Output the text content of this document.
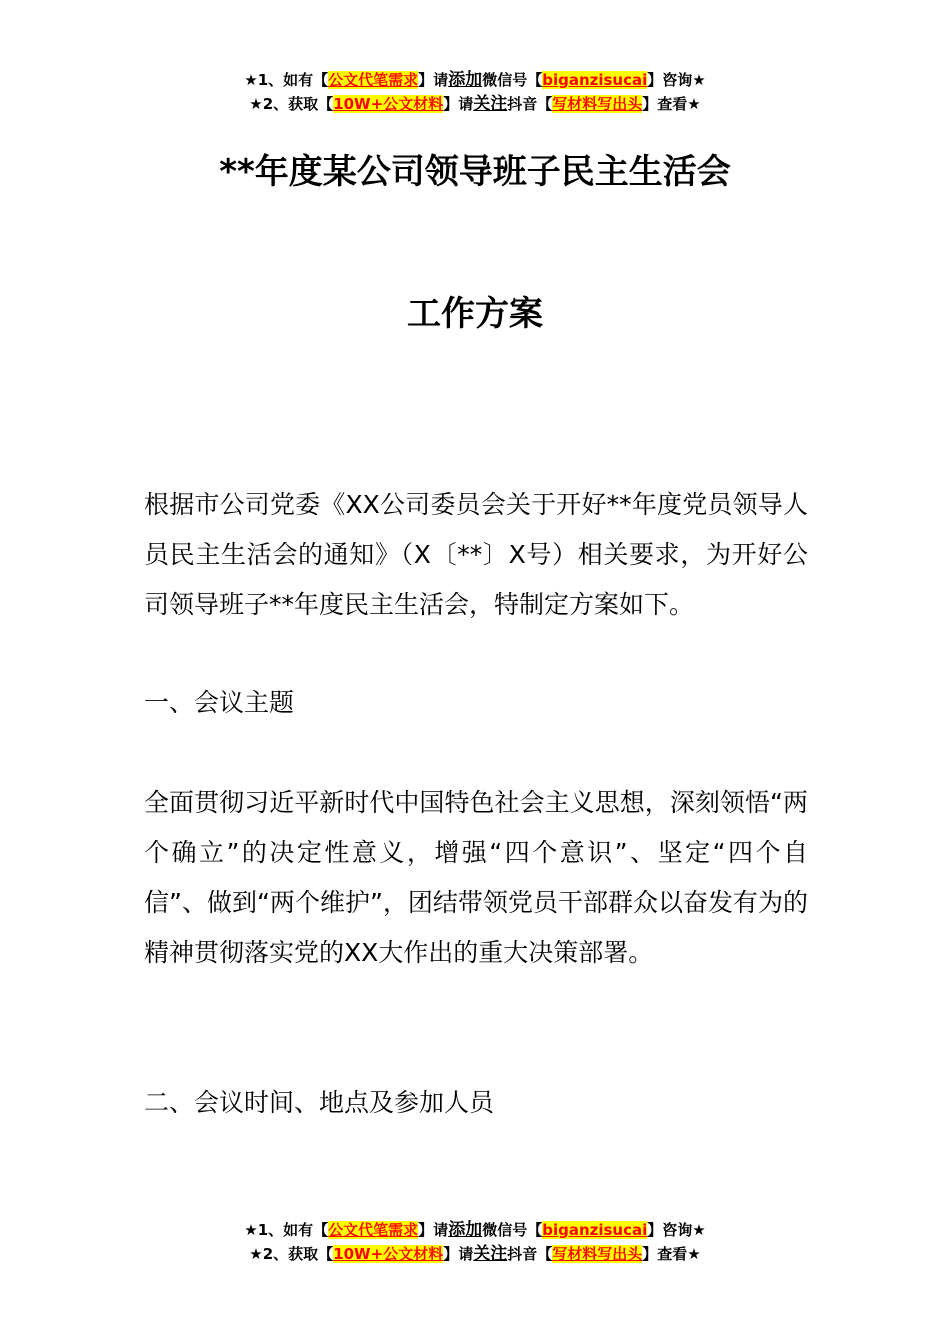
★1、如有【公文代笔需求】请添加微信号【biganzisucai】咨询★
★2、获取【10W+公文材料】请关注抖音【写材料写出头】查看★
**年度某公司领导班子民主生活会
工作方案
根据市公司党委《XX公司委员会关于开好**年度党员领导人员民主生活会的通知》（X〔**〕X号）相关要求，为开好公司领导班子**年度民主生活会，特制定方案如下。
一、会议主题
全面贯彻习近平新时代中国特色社会主义思想，深刻领悟“两个确立”的决定性意义，增强“四个意识”、坚定“四个自信”、做到“两个维护”，团结带领党员干部群众以奋发有为的精神贯彻落实党的XX大作出的重大决策部署。
二、会议时间、地点及参加人员
★1、如有【公文代笔需求】请添加微信号【biganzisucai】咨询★
★2、获取【10W+公文材料】请关注抖音【写材料写出头】查看★
